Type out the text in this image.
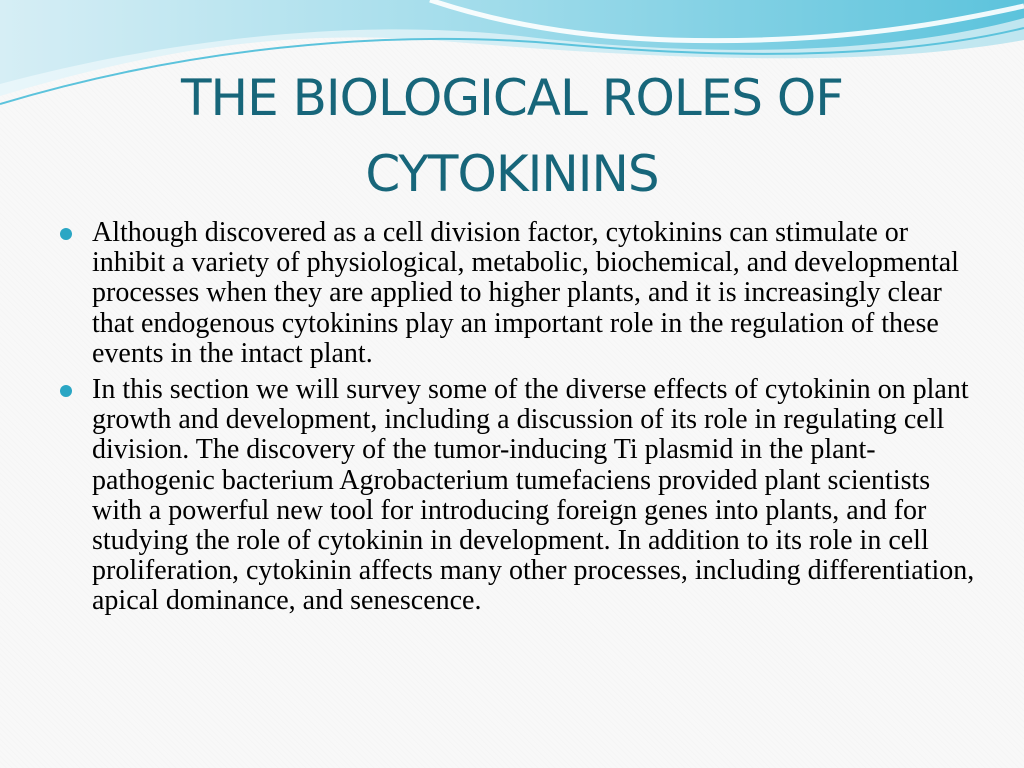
THE BIOLOGICAL ROLES OF
CYTOKININS
Although discovered as a cell division factor, cytokinins can stimulate or inhibit a variety of physiological, metabolic, biochemical, and developmental processes when they are applied to higher plants, and it is increasingly clear that endogenous cytokinins play an important role in the regulation of these events in the intact plant.
In this section we will survey some of the diverse effects of cytokinin on plant growth and development, including a discussion of its role in regulating cell division. The discovery of the tumor-inducing Ti plasmid in the plant-pathogenic bacterium Agrobacterium tumefaciens provided plant scientists with a powerful new tool for introducing foreign genes into plants, and for studying the role of cytokinin in development. In addition to its role in cell proliferation, cytokinin affects many other processes, including differentiation, apical dominance, and senescence.
